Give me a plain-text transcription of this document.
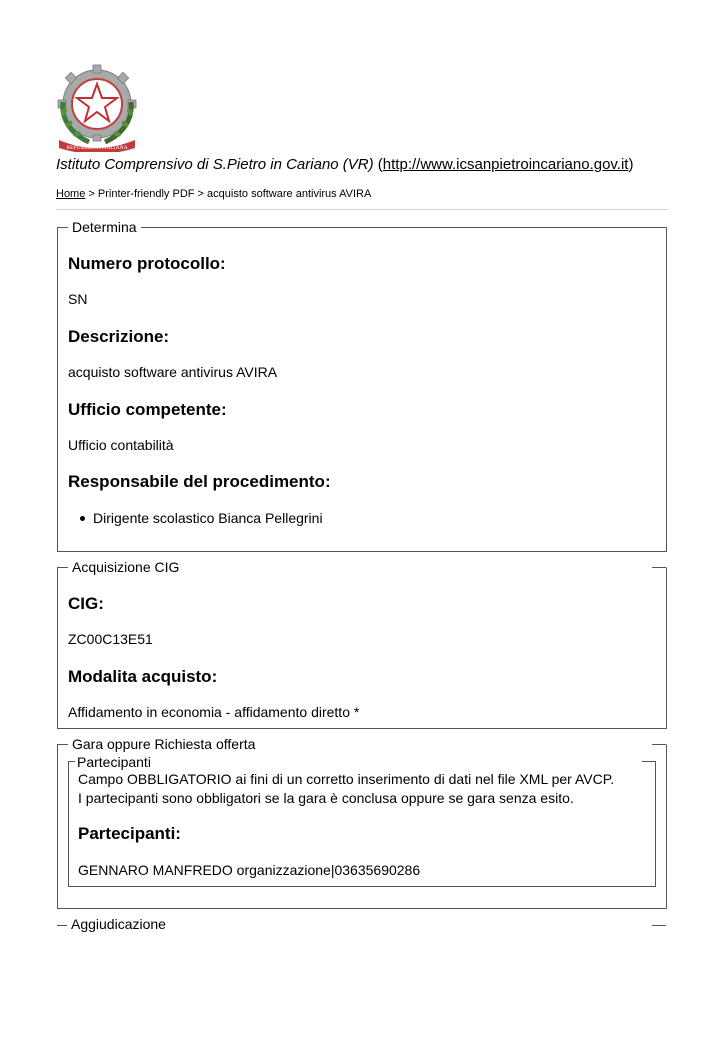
REPUBBLICA ITALIANA
Istituto Comprensivo di S.Pietro in Cariano (VR) (http://www.icsanpietroincariano.gov.it)
Home > Printer-friendly PDF > acquisto software antivirus AVIRA
Determina
Numero protocollo:
SN
Descrizione:
acquisto software antivirus AVIRA
Ufficio competente:
Ufficio contabilità
Responsabile del procedimento:
Dirigente scolastico Bianca Pellegrini
Acquisizione CIG
CIG:
ZC00C13E51
Modalita acquisto:
Affidamento in economia - affidamento diretto *
Gara oppure Richiesta offerta
Partecipanti
Campo OBBLIGATORIO ai fini di un corretto inserimento di dati nel file XML per AVCP.
I partecipanti sono obbligatori se la gara è conclusa oppure se gara senza esito.
Partecipanti:
GENNARO MANFREDO organizzazione|03635690286
Aggiudicazione
